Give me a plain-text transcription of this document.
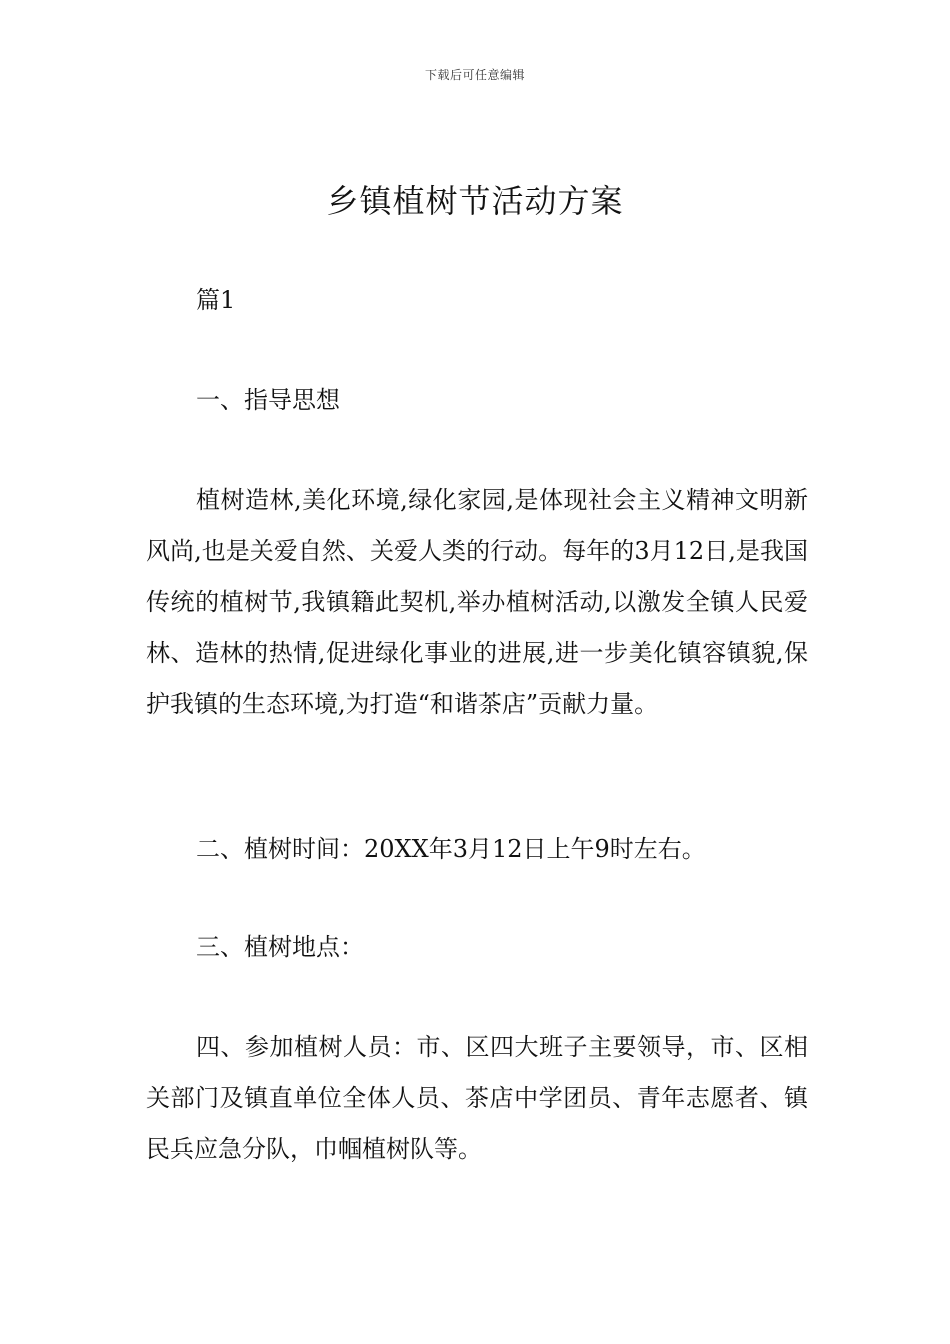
下载后可任意编辑
乡镇植树节活动方案

篇1

一、指导思想

植树造林,美化环境,绿化家园,是体现社会主义精神文明新风尚,也是关爱自然、关爱人类的行动。每年的3月12日,是我国传统的植树节,我镇籍此契机,举办植树活动,以激发全镇人民爱林、造林的热情,促进绿化事业的进展,进一步美化镇容镇貌,保护我镇的生态环境,为打造“和谐茶店”贡献力量。

二、植树时间：20XX年3月12日上午9时左右。

三、植树地点：

四、参加植树人员：市、区四大班子主要领导，市、区相关部门及镇直单位全体人员、茶店中学团员、青年志愿者、镇民兵应急分队，巾帼植树队等。
